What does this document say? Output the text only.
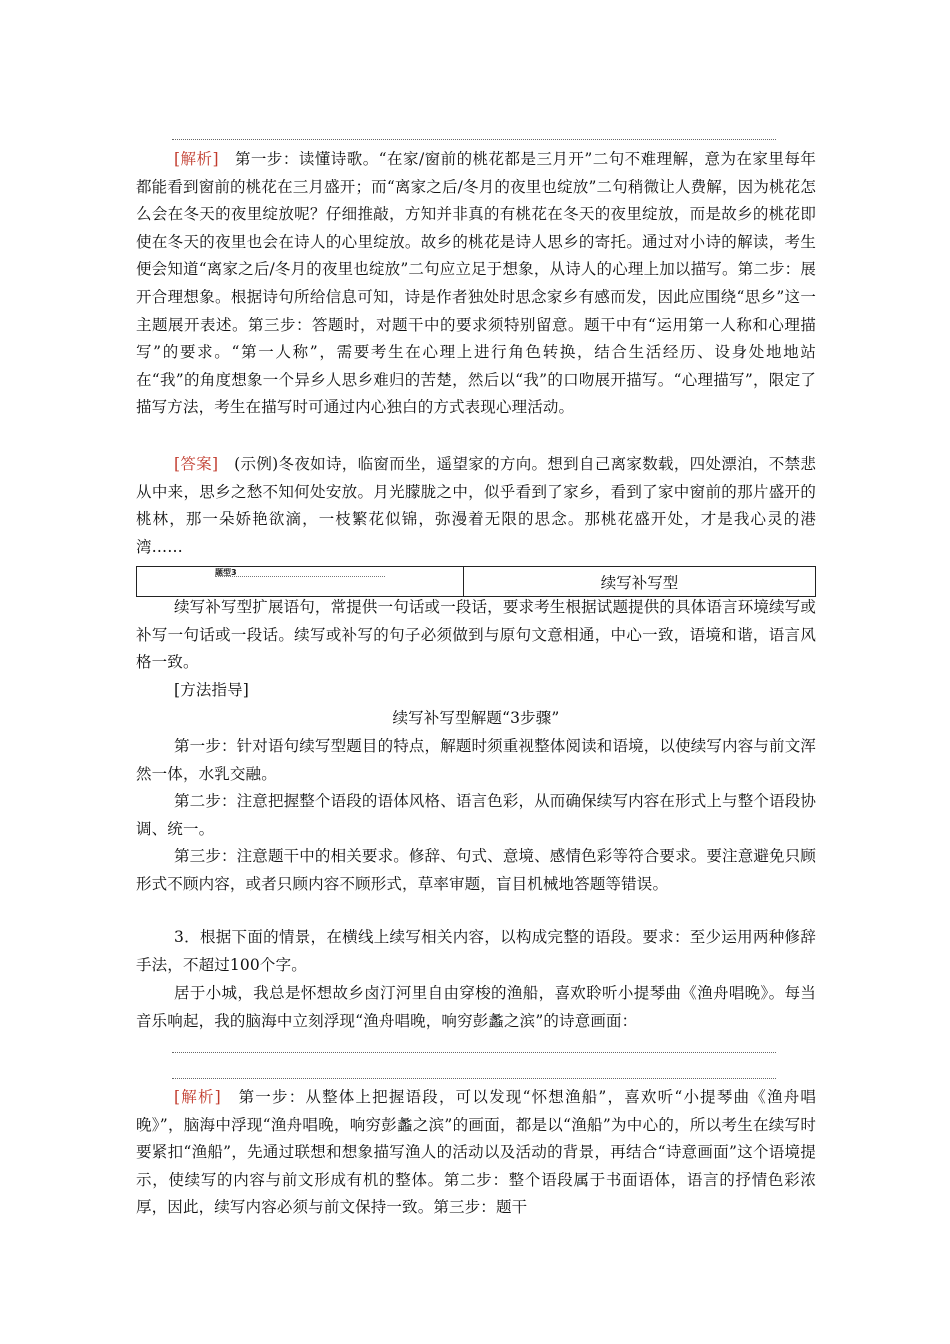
[解析]　第一步：读懂诗歌。“在家/窗前的桃花都是三月开”二句不难理解，意为在家里每年都能看到窗前的桃花在三月盛开；而“离家之后/冬月的夜里也绽放”二句稍微让人费解，因为桃花怎么会在冬天的夜里绽放呢？仔细推敲，方知并非真的有桃花在冬天的夜里绽放，而是故乡的桃花即使在冬天的夜里也会在诗人的心里绽放。故乡的桃花是诗人思乡的寄托。通过对小诗的解读，考生便会知道“离家之后/冬月的夜里也绽放”二句应立足于想象，从诗人的心理上加以描写。第二步：展开合理想象。根据诗句所给信息可知，诗是作者独处时思念家乡有感而发，因此应围绕“思乡”这一主题展开表述。第三步：答题时，对题干中的要求须特别留意。题干中有“运用第一人称和心理描写”的要求。“第一人称”，需要考生在心理上进行角色转换，结合生活经历、设身处地地站在“我”的角度想象一个异乡人思乡难归的苦楚，然后以“我”的口吻展开描写。“心理描写”，限定了描写方法，考生在描写时可通过内心独白的方式表现心理活动。

[答案]　(示例)冬夜如诗，临窗而坐，遥望家的方向。想到自己离家数载，四处漂泊，不禁悲从中来，思乡之愁不知何处安放。月光朦胧之中，似乎看到了家乡，看到了家中窗前的那片盛开的桃林，那一朵娇艳欲滴，一枝繁花似锦，弥漫着无限的思念。那桃花盛开处，才是我心灵的港湾……

题型3
续写补写型

续写补写型扩展语句，常提供一句话或一段话，要求考生根据试题提供的具体语言环境续写或补写一句话或一段话。续写或补写的句子必须做到与原句文意相通，中心一致，语境和谐，语言风格一致。

[方法指导]

续写补写型解题“3步骤”

第一步：针对语句续写型题目的特点，解题时须重视整体阅读和语境，以使续写内容与前文浑然一体，水乳交融。

第二步：注意把握整个语段的语体风格、语言色彩，从而确保续写内容在形式上与整个语段协调、统一。

第三步：注意题干中的相关要求。修辞、句式、意境、感情色彩等符合要求。要注意避免只顾形式不顾内容，或者只顾内容不顾形式，草率审题，盲目机械地答题等错误。

3．根据下面的情景，在横线上续写相关内容，以构成完整的语段。要求：至少运用两种修辞手法，不超过100个字。

居于小城，我总是怀想故乡卤汀河里自由穿梭的渔船，喜欢聆听小提琴曲《渔舟唱晚》。每当音乐响起，我的脑海中立刻浮现“渔舟唱晚，响穷彭蠡之滨”的诗意画面：

[解析]　第一步：从整体上把握语段，可以发现“怀想渔船”，喜欢听“小提琴曲《渔舟唱晚》”，脑海中浮现“渔舟唱晚，响穷彭蠡之滨”的画面，都是以“渔船”为中心的，所以考生在续写时要紧扣“渔船”，先通过联想和想象描写渔人的活动以及活动的背景，再结合“诗意画面”这个语境提示，使续写的内容与前文形成有机的整体。第二步：整个语段属于书面语体，语言的抒情色彩浓厚，因此，续写内容必须与前文保持一致。第三步：题干
